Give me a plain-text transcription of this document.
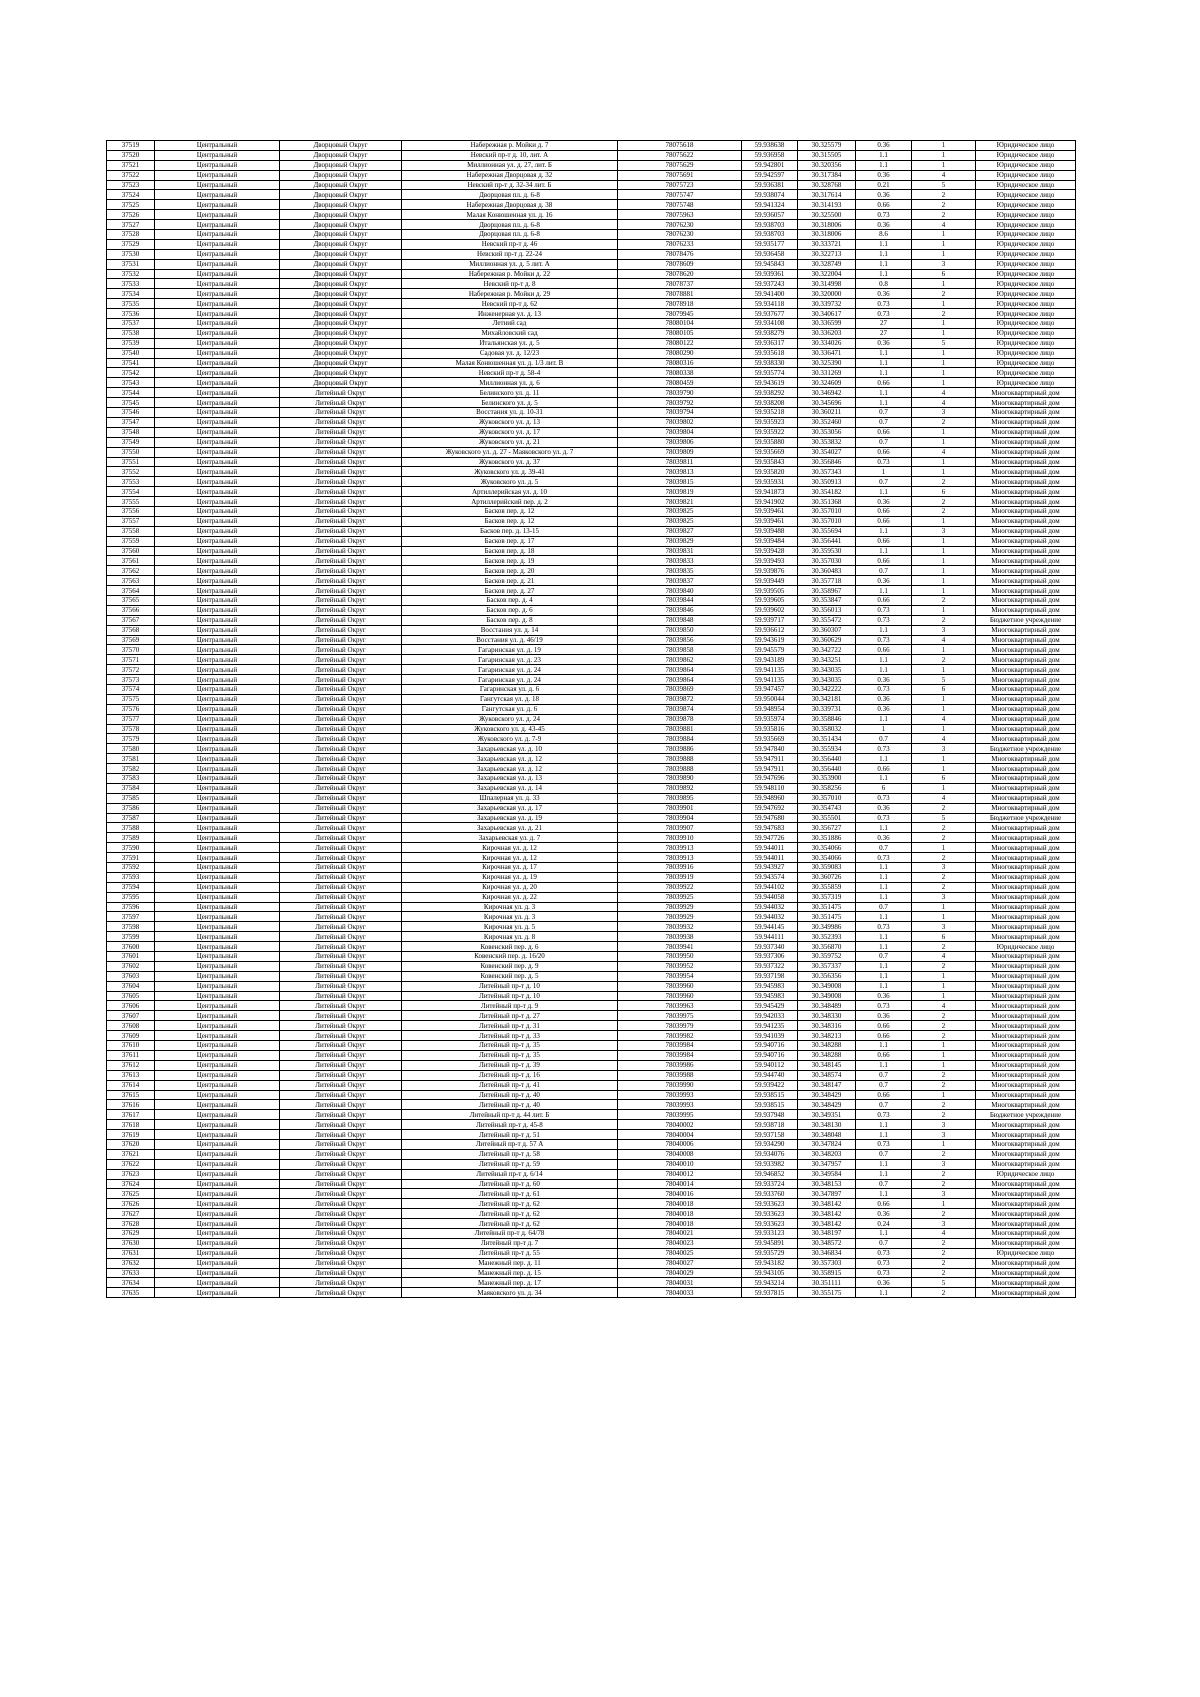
37519	Центральный	Дворцовый Округ	Набережная р. Мойки д. 7	78075618	59.938638	30.325579	0.36	1	Юридическое лицо
37520	Центральный	Дворцовый Округ	Невский пр-т д. 10, лит. А	78075622	59.936958	30.315505	1.1	1	Юридическое лицо
37521	Центральный	Дворцовый Округ	Миллионная ул. д. 27, лит. Б	78075629	59.942801	30.320356	1.1	1	Юридическое лицо
37522	Центральный	Дворцовый Округ	Набережная Дворцовая д. 32	78075691	59.942597	30.317384	0.36	4	Юридическое лицо
37523	Центральный	Дворцовый Округ	Невский пр-т д. 32-34 лит. Б	78075723	59.936381	30.328768	0.21	5	Юридическое лицо
37524	Центральный	Дворцовый Округ	Дворцовая пл. д. 6-8	78075747	59.938074	30.317614	0.36	2	Юридическое лицо
37525	Центральный	Дворцовый Округ	Набережная Дворцовая д. 38	78075748	59.941324	30.314193	0.66	2	Юридическое лицо
37526	Центральный	Дворцовый Округ	Малая Конюшенная ул. д. 16	78075963	59.936057	30.325500	0.73	2	Юридическое лицо
37527	Центральный	Дворцовый Округ	Дворцовая пл. д. 6-8	78076230	59.938703	30.318006	0.36	4	Юридическое лицо
37528	Центральный	Дворцовый Округ	Дворцовая пл. д. 6-8	78076230	59.938703	30.318006	8.6	1	Юридическое лицо
37529	Центральный	Дворцовый Округ	Невский пр-т д. 46	78076233	59.935177	30.333721	1.1	1	Юридическое лицо
37530	Центральный	Дворцовый Округ	Невский пр-т д. 22-24	78078476	59.936458	30.322713	1.1	1	Юридическое лицо
37531	Центральный	Дворцовый Округ	Миллионная ул. д. 5 лит. А	78078609	59.945843	30.328749	1.1	3	Юридическое лицо
37532	Центральный	Дворцовый Округ	Набережная р. Мойки д. 22	78078620	59.939361	30.322004	1.1	6	Юридическое лицо
37533	Центральный	Дворцовый Округ	Невский пр-т д. 8	78078737	59.937243	30.314998	0.8	1	Юридическое лицо
37534	Центральный	Дворцовый Округ	Набережная р. Мойки д. 29	78078881	59.941400	30.320000	0.36	2	Юридическое лицо
37535	Центральный	Дворцовый Округ	Невский пр-т д. 62	78078918	59.934118	30.339732	0.73	1	Юридическое лицо
37536	Центральный	Дворцовый Округ	Инженерная ул. д. 13	78079945	59.937677	30.340617	0.73	2	Юридическое лицо
37537	Центральный	Дворцовый Округ	Летний сад	78080104	59.934108	30.336599	27	1	Юридическое лицо
37538	Центральный	Дворцовый Округ	Михайловский сад	78080105	59.938279	30.336203	27	1	Юридическое лицо
37539	Центральный	Дворцовый Округ	Итальянская ул. д. 5	78080122	59.936317	30.334026	0.36	5	Юридическое лицо
37540	Центральный	Дворцовый Округ	Садовая ул. д. 12/23	78080290	59.935618	30.336471	1.1	1	Юридическое лицо
37541	Центральный	Дворцовый Округ	Малая Конюшенная ул. д. 1/3 лит. В	78080316	59.938330	30.325390	1.1	1	Юридическое лицо
37542	Центральный	Дворцовый Округ	Невский пр-т д. 58-4	78080338	59.935774	30.331269	1.1	1	Юридическое лицо
37543	Центральный	Дворцовый Округ	Миллионная ул. д. 6	78080459	59.943619	30.324609	0.66	1	Юридическое лицо
37544	Центральный	Литейный Округ	Белинского ул. д. 11	78039790	59.938292	30.346942	1.1	4	Многоквартирный дом
37545	Центральный	Литейный Округ	Белинского ул. д. 5	78039792	59.938208	30.345696	1.1	4	Многоквартирный дом
37546	Центральный	Литейный Округ	Восстания ул. д. 10-31	78039794	59.935218	30.360211	0.7	3	Многоквартирный дом
37547	Центральный	Литейный Округ	Жуковского ул. д. 13	78039802	59.935923	30.352460	0.7	2	Многоквартирный дом
37548	Центральный	Литейный Округ	Жуковского ул. д. 17	78039804	59.935922	30.353056	0.66	1	Многоквартирный дом
37549	Центральный	Литейный Округ	Жуковского ул. д. 21	78039806	59.935880	30.353832	0.7	1	Многоквартирный дом
37550	Центральный	Литейный Округ	Жуковского ул. д. 27 - Маяковского ул. д. 7	78039809	59.935669	30.354027	0.66	4	Многоквартирный дом
37551	Центральный	Литейный Округ	Жуковского ул. д. 37	78039811	59.935843	30.356846	0.73	1	Многоквартирный дом
37552	Центральный	Литейный Округ	Жуковского ул. д. 39-41	78039813	59.935820	30.357343	1	1	Многоквартирный дом
37553	Центральный	Литейный Округ	Жуковского ул. д. 5	78039815	59.935931	30.350913	0.7	2	Многоквартирный дом
37554	Центральный	Литейный Округ	Артиллерийская ул. д. 10	78039819	59.941873	30.354182	1.1	6	Многоквартирный дом
37555	Центральный	Литейный Округ	Артиллерийский пер. д. 2	78039821	59.941902	30.351368	0.36	2	Многоквартирный дом
37556	Центральный	Литейный Округ	Басков пер. д. 12	78039825	59.939461	30.357010	0.66	2	Многоквартирный дом
37557	Центральный	Литейный Округ	Басков пер. д. 12	78039825	59.939461	30.357010	0.66	1	Многоквартирный дом
37558	Центральный	Литейный Округ	Басков пер. д. 13-15	78039827	59.939488	30.355694	1.1	3	Многоквартирный дом
37559	Центральный	Литейный Округ	Басков пер. д. 17	78039829	59.939484	30.356441	0.66	1	Многоквартирный дом
37560	Центральный	Литейный Округ	Басков пер. д. 18	78039831	59.939428	30.359530	1.1	1	Многоквартирный дом
37561	Центральный	Литейный Округ	Басков пер. д. 19	78039833	59.939493	30.357030	0.66	1	Многоквартирный дом
37562	Центральный	Литейный Округ	Басков пер. д. 20	78039835	59.939876	30.360483	0.7	1	Многоквартирный дом
37563	Центральный	Литейный Округ	Басков пер. д. 21	78039837	59.939449	30.357718	0.36	1	Многоквартирный дом
37564	Центральный	Литейный Округ	Басков пер. д. 27	78039840	59.939505	30.358967	1.1	1	Многоквартирный дом
37565	Центральный	Литейный Округ	Басков пер. д. 4	78039844	59.939605	30.353847	0.66	2	Многоквартирный дом
37566	Центральный	Литейный Округ	Басков пер. д. 6	78039846	59.939602	30.356013	0.73	1	Многоквартирный дом
37567	Центральный	Литейный Округ	Басков пер. д. 8	78039848	59.939717	30.355472	0.73	2	Бюджетное учреждение
37568	Центральный	Литейный Округ	Восстания ул. д. 14	78039850	59.936612	30.360307	1.1	3	Многоквартирный дом
37569	Центральный	Литейный Округ	Восстания ул. д. 46/19	78039856	59.943619	30.360629	0.73	4	Многоквартирный дом
37570	Центральный	Литейный Округ	Гагаринская ул. д. 19	78039858	59.945579	30.342722	0.66	1	Многоквартирный дом
37571	Центральный	Литейный Округ	Гагаринская ул. д. 23	78039862	59.943189	30.343251	1.1	2	Многоквартирный дом
37572	Центральный	Литейный Округ	Гагаринская ул. д. 24	78039864	59.941135	30.343035	1.1	1	Многоквартирный дом
37573	Центральный	Литейный Округ	Гагаринская ул. д. 24	78039864	59.941135	30.343035	0.36	5	Многоквартирный дом
37574	Центральный	Литейный Округ	Гагаринская ул. д. 6	78039869	59.947457	30.342222	0.73	6	Многоквартирный дом
37575	Центральный	Литейный Округ	Гангутская ул. д. 18	78039872	59.950044	30.342181	0.36	1	Многоквартирный дом
37576	Центральный	Литейный Округ	Гангутская ул. д. 6	78039874	59.948954	30.339731	0.36	1	Многоквартирный дом
37577	Центральный	Литейный Округ	Жуковского ул. д. 24	78039878	59.935974	30.358846	1.1	4	Многоквартирный дом
37578	Центральный	Литейный Округ	Жуковского ул. д. 43-45	78039881	59.935816	30.358032	1	1	Многоквартирный дом
37579	Центральный	Литейный Округ	Жуковского ул. д. 7-9	78039884	59.935669	30.351434	0.7	4	Многоквартирный дом
37580	Центральный	Литейный Округ	Захарьевская ул. д. 10	78039886	59.947840	30.355934	0.73	3	Бюджетное учреждение
37581	Центральный	Литейный Округ	Захарьевская ул. д. 12	78039888	59.947911	30.356440	1.1	1	Многоквартирный дом
37582	Центральный	Литейный Округ	Захарьевская ул. д. 12	78039888	59.947911	30.356440	0.66	1	Многоквартирный дом
37583	Центральный	Литейный Округ	Захарьевская ул. д. 13	78039890	59.947696	30.353900	1.1	6	Многоквартирный дом
37584	Центральный	Литейный Округ	Захарьевская ул. д. 14	78039892	59.948110	30.358256	6	1	Многоквартирный дом
37585	Центральный	Литейный Округ	Шпалерная ул. д. 33	78039895	59.948960	30.357010	0.73	4	Многоквартирный дом
37586	Центральный	Литейный Округ	Захарьевская ул. д. 17	78039901	59.947692	30.354743	0.36	2	Многоквартирный дом
37587	Центральный	Литейный Округ	Захарьевская ул. д. 19	78039904	59.947680	30.355501	0.73	5	Бюджетное учреждение
37588	Центральный	Литейный Округ	Захарьевская ул. д. 21	78039907	59.947683	30.356727	1.1	2	Многоквартирный дом
37589	Центральный	Литейный Округ	Захарьевская ул. д. 7	78039910	59.947726	30.351886	0.36	2	Многоквартирный дом
37590	Центральный	Литейный Округ	Кирочная ул. д. 12	78039913	59.944011	30.354066	0.7	1	Многоквартирный дом
37591	Центральный	Литейный Округ	Кирочная ул. д. 12	78039913	59.944011	30.354066	0.73	2	Многоквартирный дом
37592	Центральный	Литейный Округ	Кирочная ул. д. 17	78039916	59.943927	30.359083	1.1	3	Многоквартирный дом
37593	Центральный	Литейный Округ	Кирочная ул. д. 19	78039919	59.943574	30.360726	1.1	2	Многоквартирный дом
37594	Центральный	Литейный Округ	Кирочная ул. д. 20	78039922	59.944102	30.355859	1.1	2	Многоквартирный дом
37595	Центральный	Литейный Округ	Кирочная ул. д. 22	78039925	59.944058	30.357319	1.1	3	Многоквартирный дом
37596	Центральный	Литейный Округ	Кирочная ул. д. 3	78039929	59.944032	30.351475	0.7	1	Многоквартирный дом
37597	Центральный	Литейный Округ	Кирочная ул. д. 3	78039929	59.944032	30.351475	1.1	1	Многоквартирный дом
37598	Центральный	Литейный Округ	Кирочная ул. д. 5	78039932	59.944145	30.349986	0.73	3	Многоквартирный дом
37599	Центральный	Литейный Округ	Кирочная ул. д. 8	78039938	59.944111	30.352393	1.1	6	Многоквартирный дом
37600	Центральный	Литейный Округ	Ковенский пер. д. 6	78039941	59.937340	30.356870	1.1	2	Юридическое лицо
37601	Центральный	Литейный Округ	Ковенский пер. д. 16/20	78039950	59.937306	30.359752	0.7	4	Многоквартирный дом
37602	Центральный	Литейный Округ	Ковенский пер. д. 9	78039952	59.937322	30.357337	1.1	2	Многоквартирный дом
37603	Центральный	Литейный Округ	Ковенский пер. д. 5	78039954	59.937198	30.356356	1.1	1	Многоквартирный дом
37604	Центральный	Литейный Округ	Литейный пр-т д. 10	78039960	59.945983	30.349008	1.1	1	Многоквартирный дом
37605	Центральный	Литейный Округ	Литейный пр-т д. 10	78039960	59.945983	30.349008	0.36	1	Многоквартирный дом
37606	Центральный	Литейный Округ	Литейный пр-т д. 9	78039963	59.945429	30.348489	0.73	4	Многоквартирный дом
37607	Центральный	Литейный Округ	Литейный пр-т д. 27	78039975	59.942033	30.348330	0.36	2	Многоквартирный дом
37608	Центральный	Литейный Округ	Литейный пр-т д. 31	78039979	59.941235	30.348316	0.66	2	Многоквартирный дом
37609	Центральный	Литейный Округ	Литейный пр-т д. 33	78039982	59.941039	30.348213	0.66	2	Многоквартирный дом
37610	Центральный	Литейный Округ	Литейный пр-т д. 35	78039984	59.940716	30.348288	1.1	1	Многоквартирный дом
37611	Центральный	Литейный Округ	Литейный пр-т д. 35	78039984	59.940716	30.348288	0.66	1	Многоквартирный дом
37612	Центральный	Литейный Округ	Литейный пр-т д. 39	78039986	59.940112	30.348145	1.1	1	Многоквартирный дом
37613	Центральный	Литейный Округ	Литейный пр-т д. 16	78039988	59.944740	30.348574	0.7	2	Многоквартирный дом
37614	Центральный	Литейный Округ	Литейный пр-т д. 41	78039990	59.939422	30.348147	0.7	2	Многоквартирный дом
37615	Центральный	Литейный Округ	Литейный пр-т д. 40	78039993	59.938515	30.348429	0.66	1	Многоквартирный дом
37616	Центральный	Литейный Округ	Литейный пр-т д. 40	78039993	59.938515	30.348429	0.7	2	Многоквартирный дом
37617	Центральный	Литейный Округ	Литейный пр-т д. 44 лит. Б	78039995	59.937948	30.349351	0.73	2	Бюджетное учреждение
37618	Центральный	Литейный Округ	Литейный пр-т д. 45-8	78040002	59.938718	30.348130	1.1	3	Многоквартирный дом
37619	Центральный	Литейный Округ	Литейный пр-т д. 51	78040004	59.937158	30.348048	1.1	3	Многоквартирный дом
37620	Центральный	Литейный Округ	Литейный пр-т д. 57 А	78040006	59.934290	30.347824	0.73	1	Многоквартирный дом
37621	Центральный	Литейный Округ	Литейный пр-т д. 58	78040008	59.934076	30.348203	0.7	2	Многоквартирный дом
37622	Центральный	Литейный Округ	Литейный пр-т д. 59	78040010	59.933982	30.347957	1.1	3	Многоквартирный дом
37623	Центральный	Литейный Округ	Литейный пр-т д. 6/14	78040012	59.946852	30.349584	1.1	2	Юридическое лицо
37624	Центральный	Литейный Округ	Литейный пр-т д. 60	78040014	59.933724	30.348153	0.7	2	Многоквартирный дом
37625	Центральный	Литейный Округ	Литейный пр-т д. 61	78040016	59.933760	30.347897	1.1	3	Многоквартирный дом
37626	Центральный	Литейный Округ	Литейный пр-т д. 62	78040018	59.933623	30.348142	0.66	1	Многоквартирный дом
37627	Центральный	Литейный Округ	Литейный пр-т д. 62	78040018	59.933623	30.348142	0.36	2	Многоквартирный дом
37628	Центральный	Литейный Округ	Литейный пр-т д. 62	78040018	59.933623	30.348142	0.24	3	Многоквартирный дом
37629	Центральный	Литейный Округ	Литейный пр-т д. 64/78	78040021	59.933123	30.348197	1.1	4	Многоквартирный дом
37630	Центральный	Литейный Округ	Литейный пр-т д. 7	78040023	59.945891	30.348572	0.7	2	Многоквартирный дом
37631	Центральный	Литейный Округ	Литейный пр-т д. 55	78040025	59.935729	30.346834	0.73	2	Юридическое лицо
37632	Центральный	Литейный Округ	Манежный пер. д. 11	78040027	59.943182	30.357303	0.73	2	Многоквартирный дом
37633	Центральный	Литейный Округ	Манежный пер. д. 15	78040029	59.943105	30.358915	0.73	2	Многоквартирный дом
37634	Центральный	Литейный Округ	Манежный пер. д. 17	78040031	59.943214	30.351111	0.36	5	Многоквартирный дом
37635	Центральный	Литейный Округ	Маяковского ул. д. 34	78040033	59.937815	30.355175	1.1	2	Многоквартирный дом
